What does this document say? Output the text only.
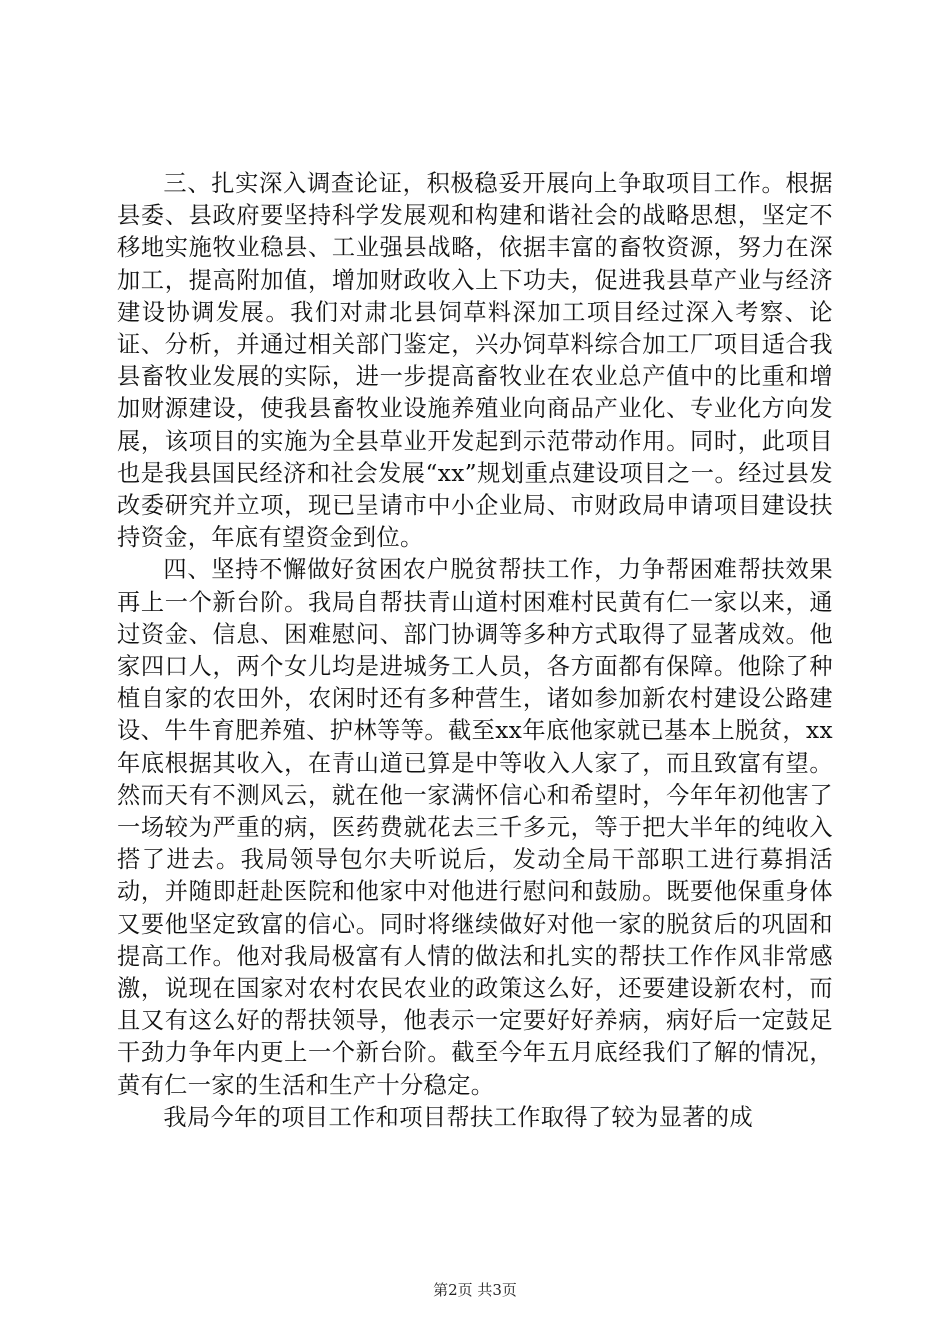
三、扎实深入调查论证，积极稳妥开展向上争取项目工作。根据县委、县政府要坚持科学发展观和构建和谐社会的战略思想，坚定不移地实施牧业稳县、工业强县战略，依据丰富的畜牧资源，努力在深加工，提高附加值，增加财政收入上下功夫，促进我县草产业与经济建设协调发展。我们对肃北县饲草料深加工项目经过深入考察、论证、分析，并通过相关部门鉴定，兴办饲草料综合加工厂项目适合我县畜牧业发展的实际，进一步提高畜牧业在农业总产值中的比重和增加财源建设，使我县畜牧业设施养殖业向商品产业化、专业化方向发展，该项目的实施为全县草业开发起到示范带动作用。同时，此项目也是我县国民经济和社会发展“xx”规划重点建设项目之一。经过县发改委研究并立项，现已呈请市中小企业局、市财政局申请项目建设扶持资金，年底有望资金到位。

四、坚持不懈做好贫困农户脱贫帮扶工作，力争帮困难帮扶效果再上一个新台阶。我局自帮扶青山道村困难村民黄有仁一家以来，通过资金、信息、困难慰问、部门协调等多种方式取得了显著成效。他家四口人，两个女儿均是进城务工人员，各方面都有保障。他除了种植自家的农田外，农闲时还有多种营生，诸如参加新农村建设公路建设、牛牛育肥养殖、护林等等。截至xx年底他家就已基本上脱贫，xx年底根据其收入，在青山道已算是中等收入人家了，而且致富有望。然而天有不测风云，就在他一家满怀信心和希望时，今年年初他害了一场较为严重的病，医药费就花去三千多元，等于把大半年的纯收入搭了进去。我局领导包尔夫听说后，发动全局干部职工进行募捐活动，并随即赶赴医院和他家中对他进行慰问和鼓励。既要他保重身体又要他坚定致富的信心。同时将继续做好对他一家的脱贫后的巩固和提高工作。他对我局极富有人情的做法和扎实的帮扶工作作风非常感激，说现在国家对农村农民农业的政策这么好，还要建设新农村，而且又有这么好的帮扶领导，他表示一定要好好养病，病好后一定鼓足干劲力争年内更上一个新台阶。截至今年五月底经我们了解的情况，黄有仁一家的生活和生产十分稳定。

我局今年的项目工作和项目帮扶工作取得了较为显著的成

第2页 共3页
